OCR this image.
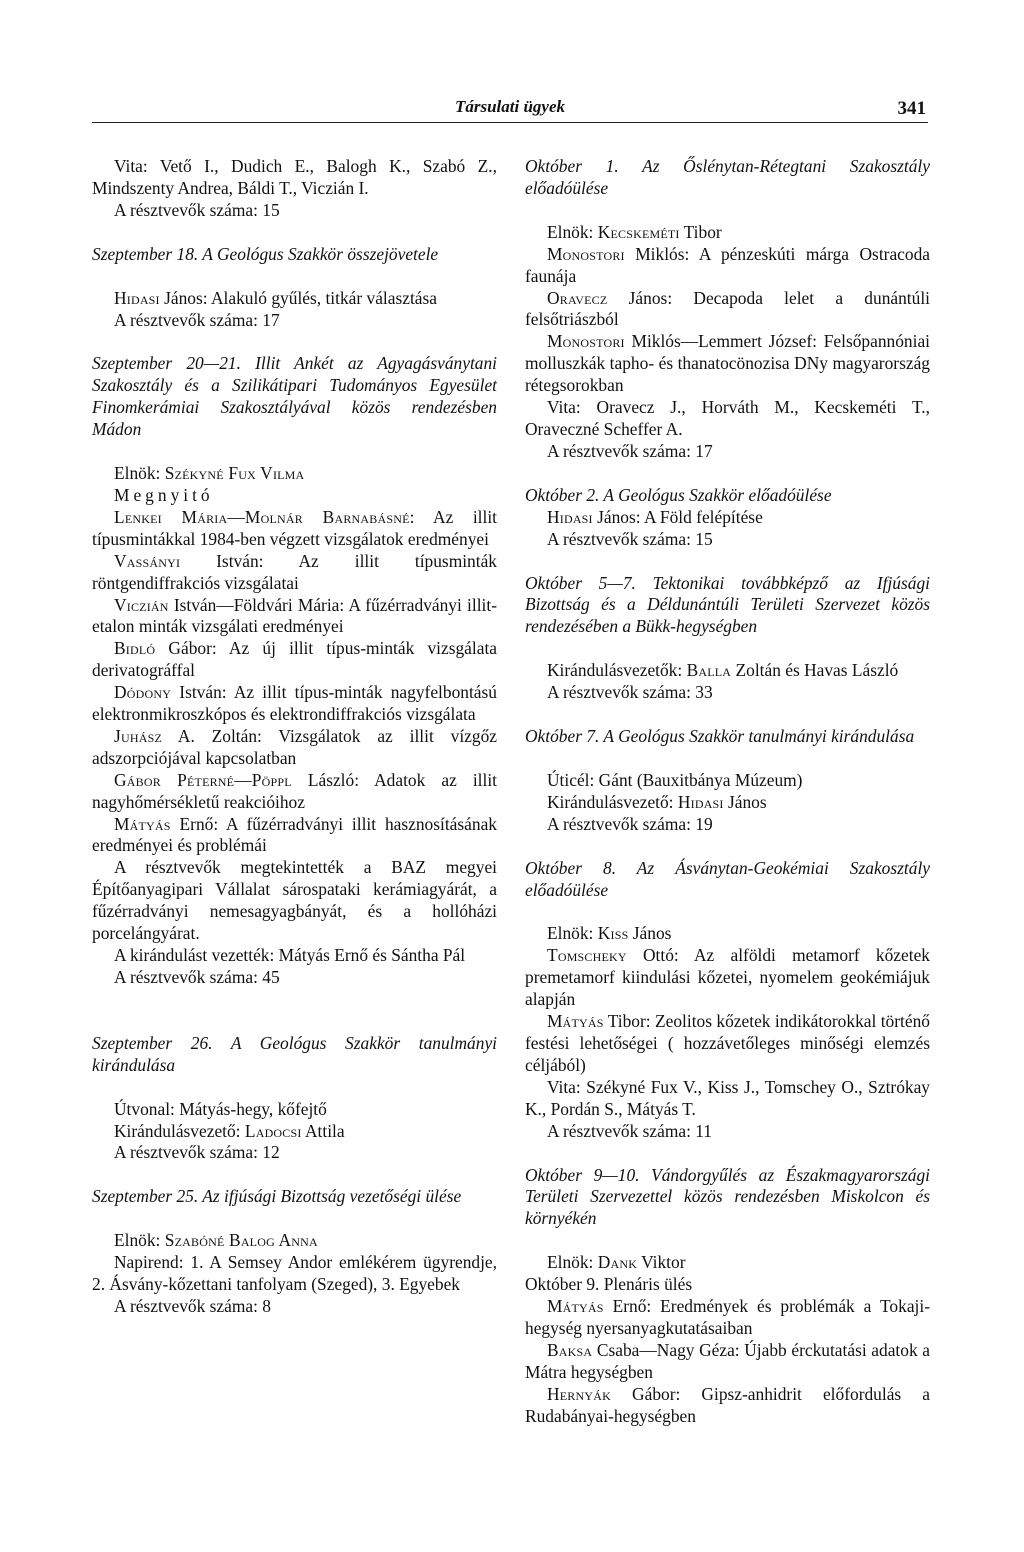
Társulati ügyek	341

Vita: Vető I., Dudich E., Balogh K., Szabó Z., Mindszenty Andrea, Báldi T., Viczián I.

A résztvevők száma: 15

Szeptember 18. A Geológus Szakkör összejövetele

Hidasi János: Alakuló gyűlés, titkár választása

A résztvevők száma: 17

Szeptember 20—21. Illit Ankét az Agyagásványtani Szakosztály és a Szilikátipari Tudományos Egyesület Finomkerámiai Szakosztályával közös rendezésben Mádon

Elnök: Székyné Fux Vilma

Megnyitó

Lenkei Mária—Molnár Barnabásné: Az illit típusmintákkal 1984-ben végzett vizsgálatok eredményei

Vassányi István: Az illit típusminták röntgendiffrakciós vizsgálatai

Viczián István—Földvári Mária: A fűzérradványi illit-etalon minták vizsgálati eredményei

Bidló Gábor: Az új illit típus-minták vizsgálata derivatográffal

Dódony István: Az illit típus-minták nagyfelbontású elektronmikroszkópos és elektrondiffrakciós vizsgálata

Juhász A. Zoltán: Vizsgálatok az illit vízgőz adszorpciójával kapcsolatban

Gábor Péterné—Pöppl László: Adatok az illit nagyhőmérsékletű reakcióihoz

Mátyás Ernő: A fűzérradványi illit hasznosításának eredményei és problémái

A résztvevők megtekintették a BAZ megyei Építőanyagipari Vállalat sárospataki kerámiagyárát, a fűzérradványi nemesagyagbányát, és a hollóházi porcelángyárat.

A kirándulást vezették: Mátyás Ernő és Sántha Pál

A résztvevők száma: 45

Szeptember 26. A Geológus Szakkör tanulmányi kirándulása

Útvonal: Mátyás-hegy, kőfejtő

Kirándulásvezető: Ladocsi Attila

A résztvevők száma: 12

Szeptember 25. Az ifjúsági Bizottság vezetőségi ülése

Elnök: Szabóné Balog Anna

Napirend: 1. A Semsey Andor emlékérem ügyrendje, 2. Ásvány-kőzettani tanfolyam (Szeged), 3. Egyebek

A résztvevők száma: 8

Október 1. Az Őslénytan-Rétegtani Szakosztály előadóülése

Elnök: Kecskeméti Tibor

Monostori Miklós: A pénzeskúti márga Ostracoda faunája

Oravecz János: Decapoda lelet a dunántúli felsőtriászból

Monostori Miklós—Lemmert József: Felsőpannóniai molluszkák tapho- és thanatocönozisa DNy magyarország rétegsorokban

Vita: Oravecz J., Horváth M., Kecskeméti T., Oraveczné Scheffer A.

A résztvevők száma: 17

Október 2. A Geológus Szakkör előadóülése

Hidasi János: A Föld felépítése

A résztvevők száma: 15

Október 5—7. Tektonikai továbbképző az Ifjúsági Bizottság és a Déldunántúli Területi Szervezet közös rendezésében a Bükk-hegységben

Kirándulásvezetők: Balla Zoltán és Havas László

A résztvevők száma: 33

Október 7. A Geológus Szakkör tanulmányi kirándulása

Úticél: Gánt (Bauxitbánya Múzeum)

Kirándulásvezető: Hidasi János

A résztvevők száma: 19

Október 8. Az Ásványtan-Geokémiai Szakosztály előadóülése

Elnök: Kiss János

Tomscheky Ottó: Az alföldi metamorf kőzetek premetamorf kiindulási kőzetei, nyomelem geokémiájuk alapján

Mátyás Tibor: Zeolitos kőzetek indikátorokkal történő festési lehetőségei ( hozzávetőleges minőségi elemzés céljából)

Vita: Székyné Fux V., Kiss J., Tomschey O., Sztrókay K., Pordán S., Mátyás T.

A résztvevők száma: 11

Október 9—10. Vándorgyűlés az Északmagyarországi Területi Szervezettel közös rendezésben Miskolcon és környékén

Elnök: Dank Viktor

Október 9. Plenáris ülés

Mátyás Ernő: Eredmények és problémák a Tokaji-hegység nyersanyagkutatásaiban

Baksa Csaba—Nagy Géza: Újabb érckutatási adatok a Mátra hegységben

Hernyák Gábor: Gipsz-anhidrit előfordulás a Rudabányai-hegységben
